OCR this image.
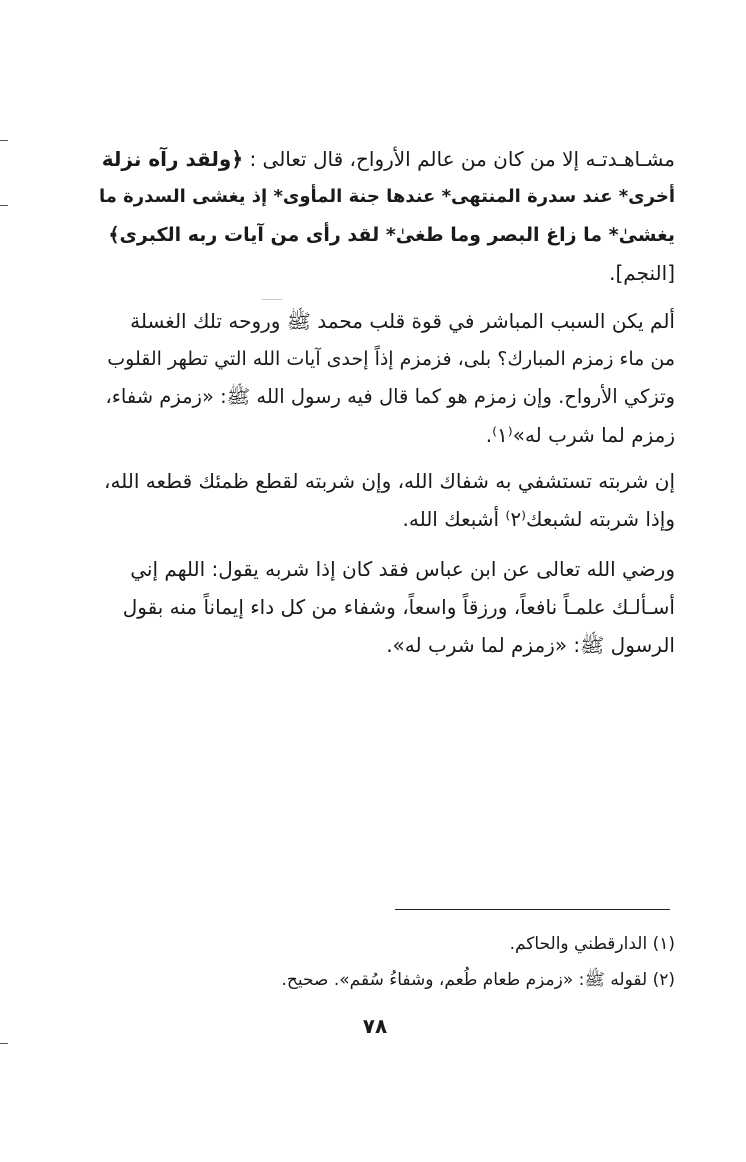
مشـاهـدتـه إلا من كان من عالم الأرواح، قال تعالى : ﴿ولقد رآه نزلة
أخرى* عند سدرة المنتهى* عندها جنة المأوى* إذ يغشى السدرة ما
يغشىٰ* ما زاغ البصر وما طغىٰ* لقد رأى من آيات ربه الكبرى﴾
[النجم].
ألم يكن السبب المباشر في قوة قلب محمد ﷺ وروحه تلك الغسلة
من ماء زمزم المبارك؟ بلى، فزمزم إذاً إحدى آيات الله التي تطهر القلوب
وتزكي الأرواح. وإن زمزم هو كما قال فيه رسول الله ﷺ: «زمزم شفاء،
زمزم لما شرب له»⁽١⁾.
إن شربته تستشفي به شفاك الله، وإن شربته لقطع ظمئك قطعه الله،
وإذا شربته لشبعك⁽٢⁾ أشبعك الله.
ورضي الله تعالى عن ابن عباس فقد كان إذا شربه يقول: اللهم إني
أسـألـك علمـاً نافعاً، ورزقاً واسعاً، وشفاء من كل داء إيماناً منه بقول
الرسول ﷺ: «زمزم لما شرب له».
(١) الدارقطني والحاكم.
(٢) لقوله ﷺ: «زمزم طعام طُعم، وشفاءُ سُقم». صحيح.
٧٨
